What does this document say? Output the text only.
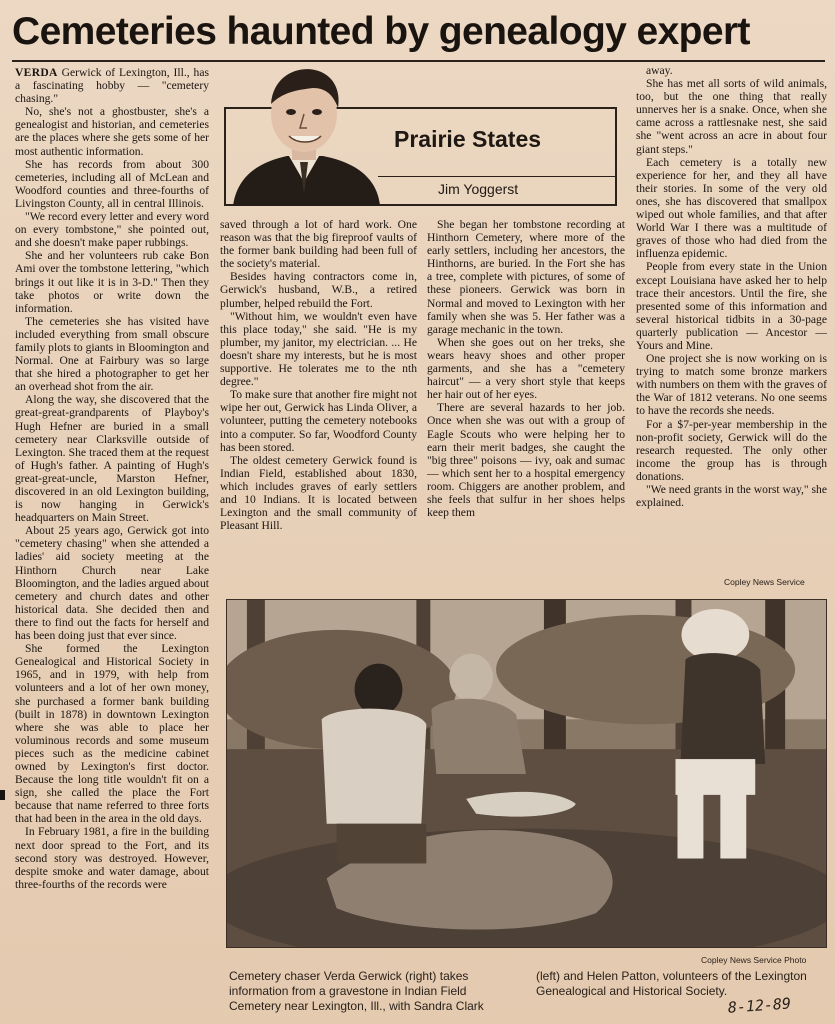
Cemeteries haunted by genealogy expert

VERDA Gerwick of Lexington, Ill., has a fascinating hobby — "cemetery chasing."

No, she's not a ghostbuster, she's a genealogist and historian, and cemeteries are the places where she gets some of her most authentic information.

She has records from about 300 cemeteries, including all of McLean and Woodford counties and three-fourths of Livingston County, all in central Illinois.

"We record every letter and every word on every tombstone," she pointed out, and she doesn't make paper rubbings.

She and her volunteers rub cake Bon Ami over the tombstone lettering, "which brings it out like it is in 3-D." Then they take photos or write down the information.

The cemeteries she has visited have included everything from small obscure family plots to giants in Bloomington and Normal. One at Fairbury was so large that she hired a photographer to get her an overhead shot from the air.

Along the way, she discovered that the great-great-grandparents of Playboy's Hugh Hefner are buried in a small cemetery near Clarksville outside of Lexington. She traced them at the request of Hugh's father. A painting of Hugh's great-great-uncle, Marston Hefner, discovered in an old Lexington building, is now hanging in Gerwick's headquarters on Main Street.

About 25 years ago, Gerwick got into "cemetery chasing" when she attended a ladies' aid society meeting at the Hinthorn Church near Lake Bloomington, and the ladies argued about cemetery and church dates and other historical data. She decided then and there to find out the facts for herself and has been doing just that ever since.

She formed the Lexington Genealogical and Historical Society in 1965, and in 1979, with help from volunteers and a lot of her own money, she purchased a former bank building (built in 1878) in downtown Lexington where she was able to place her voluminous records and some museum pieces such as the medicine cabinet owned by Lexington's first doctor. Because the long title wouldn't fit on a sign, she called the place the Fort because that name referred to three forts that had been in the area in the old days.

In February 1981, a fire in the building next door spread to the Fort, and its second story was destroyed. However, despite smoke and water damage, about three-fourths of the records were

Prairie States
Jim Yoggerst

saved through a lot of hard work. One reason was that the big fireproof vaults of the former bank building had been full of the society's material.

Besides having contractors come in, Gerwick's husband, W.B., a retired plumber, helped rebuild the Fort.

"Without him, we wouldn't even have this place today," she said. "He is my plumber, my janitor, my electrician. ... He doesn't share my interests, but he is most supportive. He tolerates me to the nth degree."

To make sure that another fire might not wipe her out, Gerwick has Linda Oliver, a volunteer, putting the cemetery notebooks into a computer. So far, Woodford County has been stored.

The oldest cemetery Gerwick found is Indian Field, established about 1830, which includes graves of early settlers and 10 Indians. It is located between Lexington and the small community of Pleasant Hill.

She began her tombstone recording at Hinthorn Cemetery, where more of the early settlers, including her ancestors, the Hinthorns, are buried. In the Fort she has a tree, complete with pictures, of some of these pioneers. Gerwick was born in Normal and moved to Lexington with her family when she was 5. Her father was a garage mechanic in the town.

When she goes out on her treks, she wears heavy shoes and other proper garments, and she has a "cemetery haircut" — a very short style that keeps her hair out of her eyes.

There are several hazards to her job. Once when she was out with a group of Eagle Scouts who were helping her to earn their merit badges, she caught the "big three" poisons — ivy, oak and sumac — which sent her to a hospital emergency room. Chiggers are another problem, and she feels that sulfur in her shoes helps keep them

away.

She has met all sorts of wild animals, too, but the one thing that really unnerves her is a snake. Once, when she came across a rattlesnake nest, she said she "went across an acre in about four giant steps."

Each cemetery is a totally new experience for her, and they all have their stories. In some of the very old ones, she has discovered that smallpox wiped out whole families, and that after World War I there was a multitude of graves of those who had died from the influenza epidemic.

People from every state in the Union except Louisiana have asked her to help trace their ancestors. Until the fire, she presented some of this information and several historical tidbits in a 30-page quarterly publication — Ancestor — Yours and Mine.

One project she is now working on is trying to match some bronze markers with numbers on them with the graves of the War of 1812 veterans. No one seems to have the records she needs.

For a $7-per-year membership in the non-profit society, Gerwick will do the research requested. The only other income the group has is through donations.

"We need grants in the worst way," she explained.

Copley News Service
Copley News Service Photo
Cemetery chaser Verda Gerwick (right) takes information from a gravestone in Indian Field Cemetery near Lexington, Ill., with Sandra Clark
(left) and Helen Patton, volunteers of the Lexington Genealogical and Historical Society.
8-12-89
